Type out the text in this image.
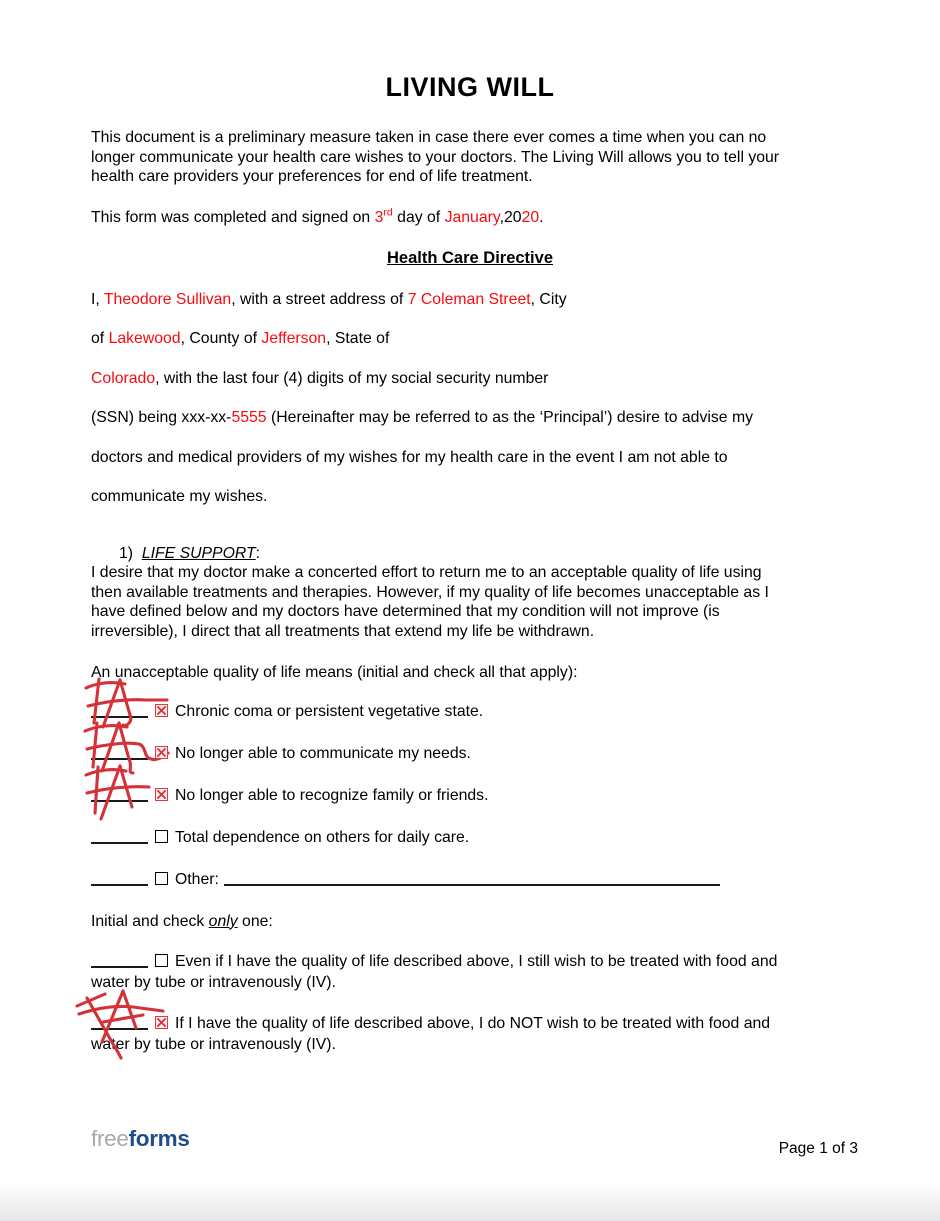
LIVING WILL
This document is a preliminary measure taken in case there ever comes a time when you can no
longer communicate your health care wishes to your doctors. The Living Will allows you to tell your
health care providers your preferences for end of life treatment.
This form was completed and signed on 3rd day of January,2020.
Health Care Directive
I, Theodore Sullivan, with a street address of 7 Coleman Street, City
of Lakewood, County of Jefferson, State of
Colorado, with the last four (4) digits of my social security number
(SSN) being xxx-xx-5555 (Hereinafter may be referred to as the ‘Principal’) desire to advise my
doctors and medical providers of my wishes for my health care in the event I am not able to
communicate my wishes.
1) LIFE SUPPORT:
I desire that my doctor make a concerted effort to return me to an acceptable quality of life using
then available treatments and therapies. However, if my quality of life becomes unacceptable as I
have defined below and my doctors have determined that my condition will not improve (is
irreversible), I direct that all treatments that extend my life be withdrawn.
An unacceptable quality of life means (initial and check all that apply):
Chronic coma or persistent vegetative state.
No longer able to communicate my needs.
No longer able to recognize family or friends.
Total dependence on others for daily care.
Other:
Initial and check only one:
Even if I have the quality of life described above, I still wish to be treated with food and
water by tube or intravenously (IV).
If I have the quality of life described above, I do NOT wish to be treated with food and
water by tube or intravenously (IV).
freeforms	Page 1 of 3
